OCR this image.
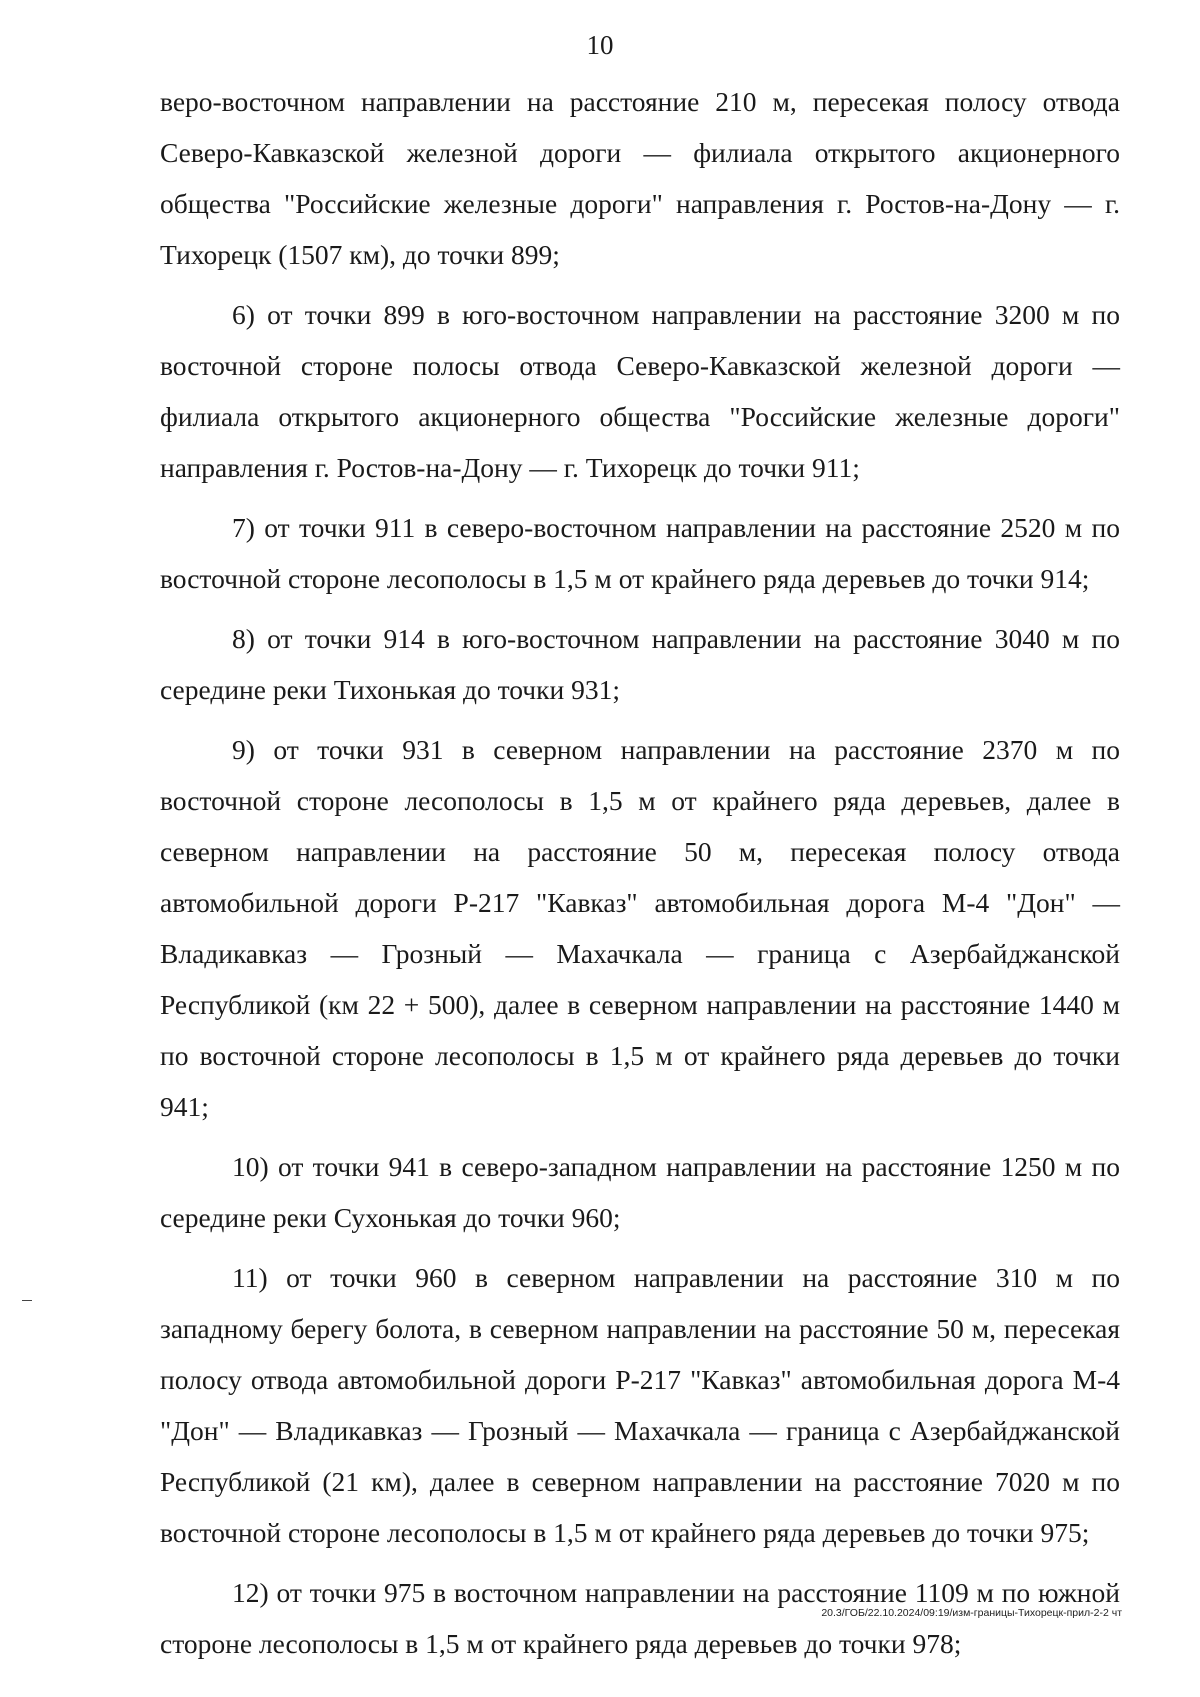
10

веро-восточном направлении на расстояние 210 м, пересекая полосу отвода Северо-Кавказской железной дороги — филиала открытого акционерного общества "Российские железные дороги" направления г. Ростов-на-Дону — г. Тихорецк (1507 км), до точки 899;

6) от точки 899 в юго-восточном направлении на расстояние 3200 м по восточной стороне полосы отвода Северо-Кавказской железной дороги — филиала открытого акционерного общества "Российские железные дороги" направления г. Ростов-на-Дону — г. Тихорецк до точки 911;

7) от точки 911 в северо-восточном направлении на расстояние 2520 м по восточной стороне лесополосы в 1,5 м от крайнего ряда деревьев до точки 914;

8) от точки 914 в юго-восточном направлении на расстояние 3040 м по середине реки Тихонькая до точки 931;

9) от точки 931 в северном направлении на расстояние 2370 м по восточной стороне лесополосы в 1,5 м от крайнего ряда деревьев, далее в северном направлении на расстояние 50 м, пересекая полосу отвода автомобильной дороги Р-217 "Кавказ" автомобильная дорога М-4 "Дон" — Владикавказ — Грозный — Махачкала — граница с Азербайджанской Республикой (км 22 + 500), далее в северном направлении на расстояние 1440 м по восточной стороне лесополосы в 1,5 м от крайнего ряда деревьев до точки 941;

10) от точки 941 в северо-западном направлении на расстояние 1250 м по середине реки Сухонькая до точки 960;

11) от точки 960 в северном направлении на расстояние 310 м по западному берегу болота, в северном направлении на расстояние 50 м, пересекая полосу отвода автомобильной дороги Р-217 "Кавказ" автомобильная дорога М-4 "Дон" — Владикавказ — Грозный — Махачкала — граница с Азербайджанской Республикой (21 км), далее в северном направлении на расстояние 7020 м по восточной стороне лесополосы в 1,5 м от крайнего ряда деревьев до точки 975;

12) от точки 975 в восточном направлении на расстояние 1109 м по южной стороне лесополосы в 1,5 м от крайнего ряда деревьев до точки 978;

20.3/ГОБ/22.10.2024/09:19/изм-границы-Тихорецк-прил-2-2 чт
